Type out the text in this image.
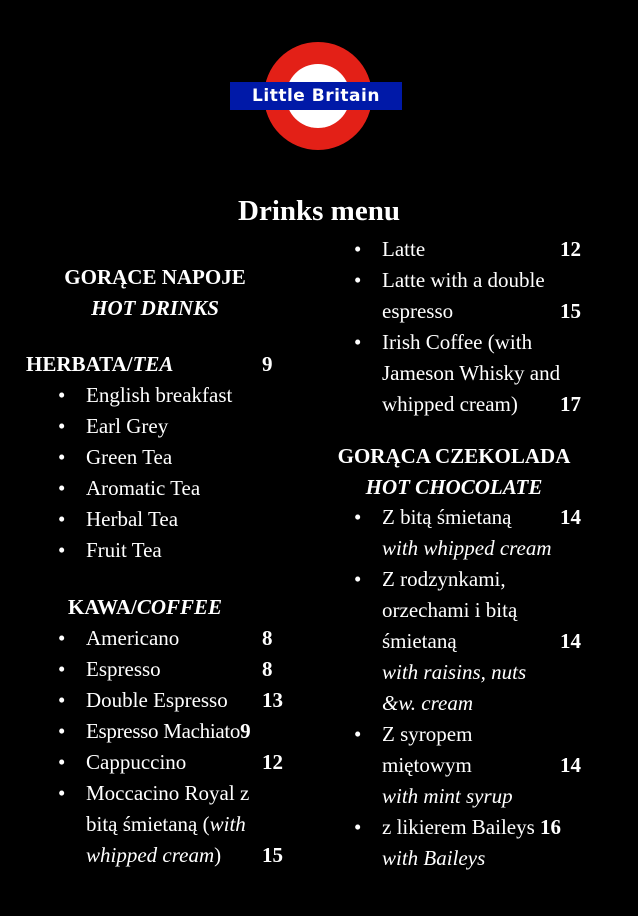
Little Britain
Drinks menu
GORĄCE NAPOJE
HOT DRINKS
HERBATA/TEA	9
• English breakfast
• Earl Grey
• Green Tea
• Aromatic Tea
• Herbal Tea
• Fruit Tea
KAWA/COFFEE
• Americano	8
• Espresso	8
• Double Espresso 13
• Espresso Machiato9
• Cappuccino	12
• Moccacino Royal z
bitą śmietaną (with
whipped cream) 15
• Latte	12
• Latte with a double
espresso	15
• Irish Coffee (with
Jameson Whisky and
whipped cream) 17
GORĄCA CZEKOLADA
HOT CHOCOLATE
• Z bitą śmietaną 14
with whipped cream
• Z rodzynkami,
orzechami i bitą
śmietaną	14
with raisins, nuts
&w. cream
• Z syropem
miętowym	14
with mint syrup
• z likierem Baileys 16
with Baileys
